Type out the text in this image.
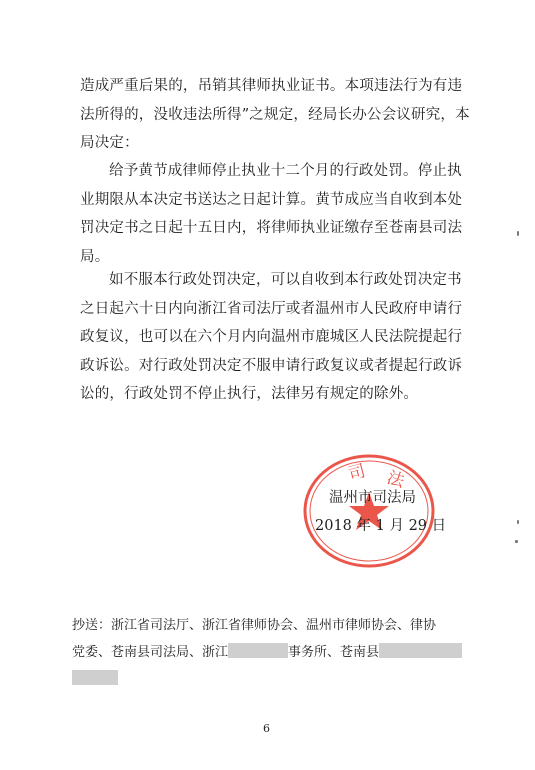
造成严重后果的，吊销其律师执业证书。本项违法行为有违法所得的，没收违法所得”之规定，经局长办公会议研究，本局决定：

给予黄节成律师停止执业十二个月的行政处罚。停止执业期限从本决定书送达之日起计算。黄节成应当自收到本处罚决定书之日起十五日内，将律师执业证缴存至苍南县司法局。

如不服本行政处罚决定，可以自收到本行政处罚决定书之日起六十日内向浙江省司法厅或者温州市人民政府申请行政复议，也可以在六个月内向温州市鹿城区人民法院提起行政诉讼。对行政处罚决定不服申请行政复议或者提起行政诉讼的，行政处罚不停止执行，法律另有规定的除外。

司 法
温州市司法局
2018 年 1 月 29 日
抄送：浙江省司法厅、浙江省律师协会、温州市律师协会、律协
党委、苍南县司法局、浙江	事务所、苍南县
6
